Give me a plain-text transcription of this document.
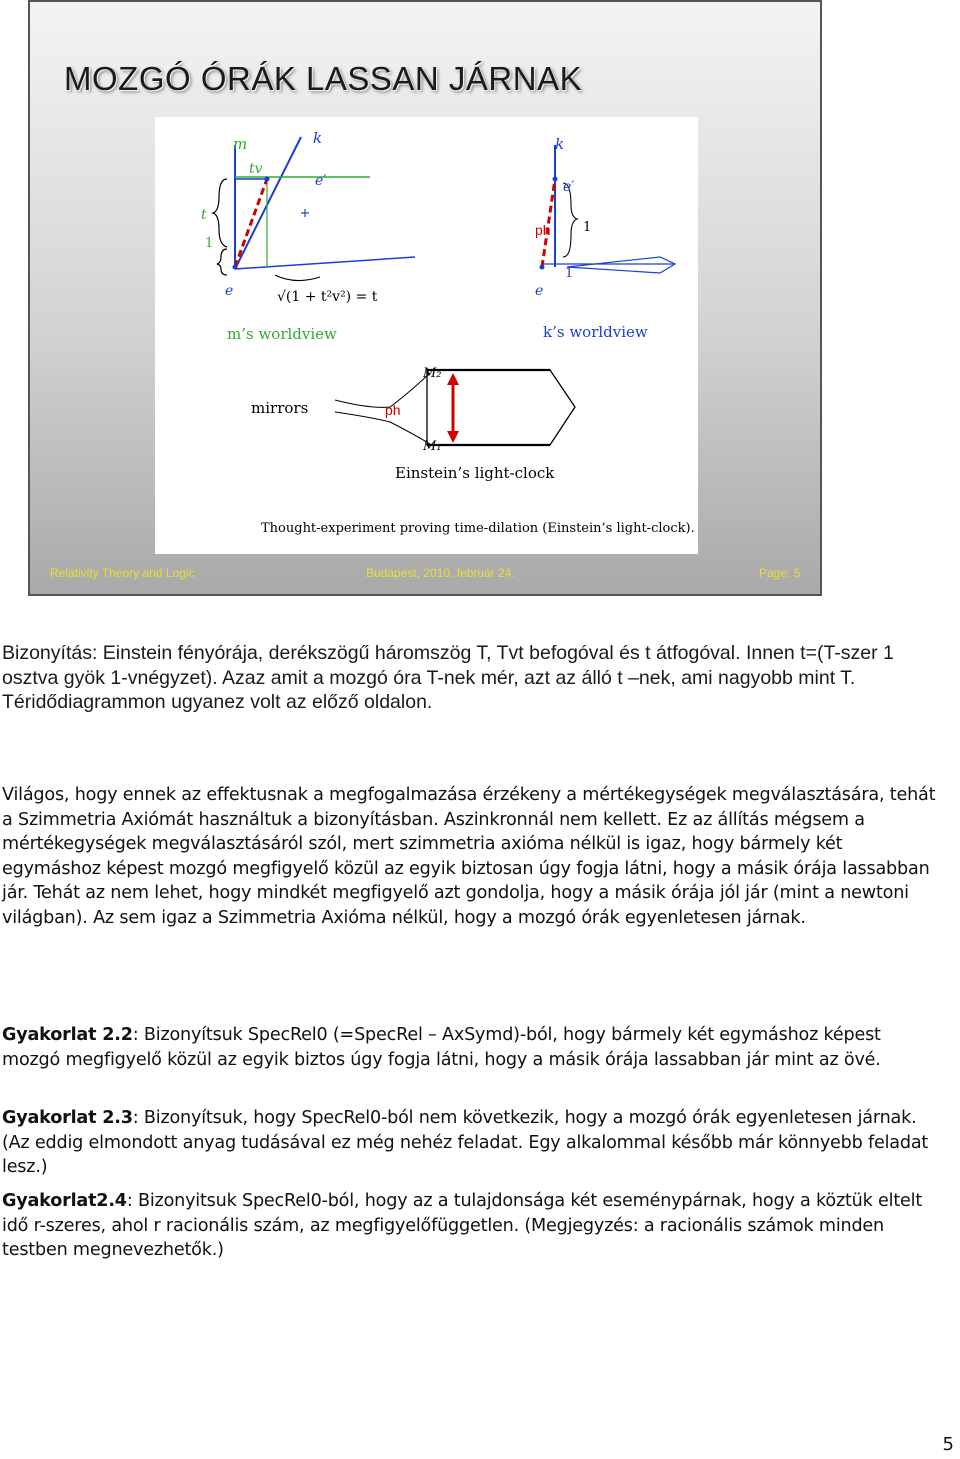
MOZGÓ ÓRÁK LASSAN JÁRNAK
m	k
tv
e′
t
1
e	√(1 + t²v²) = t
m’s worldview
k
e′
ph 1
1
e
k’s worldview
mirrors
M₂
ph
M₁
Einstein’s light-clock
Thought-experiment proving time-dilation (Einstein’s light-clock).
Relativity Theory and Logic	Budapest, 2010. február 24.	Page: 5

Bizonyítás: Einstein fényórája, derékszögű háromszög T, Tvt befogóval és t átfogóval. Innen t=(T-szer 1 osztva gyök 1-vnégyzet). Azaz amit a mozgó óra T-nek mér, azt az álló t –nek, ami nagyobb mint T. Téridődiagrammon ugyanez volt az előző oldalon.

Világos, hogy ennek az effektusnak a megfogalmazása érzékeny a mértékegységek megválasztására, tehát a Szimmetria Axiómát használtuk a bizonyításban. Aszinkronnál nem kellett. Ez az állítás mégsem a mértékegységek megválasztásáról szól, mert szimmetria axióma nélkül is igaz, hogy bármely két egymáshoz képest mozgó megfigyelő közül az egyik biztosan úgy fogja látni, hogy a másik órája lassabban jár. Tehát az nem lehet, hogy mindkét megfigyelő azt gondolja, hogy a másik órája jól jár (mint a newtoni világban). Az sem igaz a Szimmetria Axióma nélkül, hogy a mozgó órák egyenletesen járnak.

Gyakorlat 2.2: Bizonyítsuk SpecRel0 (=SpecRel – AxSymd)-ból, hogy bármely két egymáshoz képest mozgó megfigyelő közül az egyik biztos úgy fogja látni, hogy a másik órája lassabban jár mint az övé.

Gyakorlat 2.3: Bizonyítsuk, hogy SpecRel0-ból nem következik, hogy a mozgó órák egyenletesen járnak. (Az eddig elmondott anyag tudásával ez még nehéz feladat. Egy alkalommal később már könnyebb feladat lesz.)

Gyakorlat2.4: Bizonyitsuk SpecRel0-ból, hogy az a tulajdonsága két eseménypárnak, hogy a köztük eltelt idő r-szeres, ahol r racionális szám, az megfigyelőfüggetlen. (Megjegyzés: a racionális számok minden testben megnevezhetők.)

5
